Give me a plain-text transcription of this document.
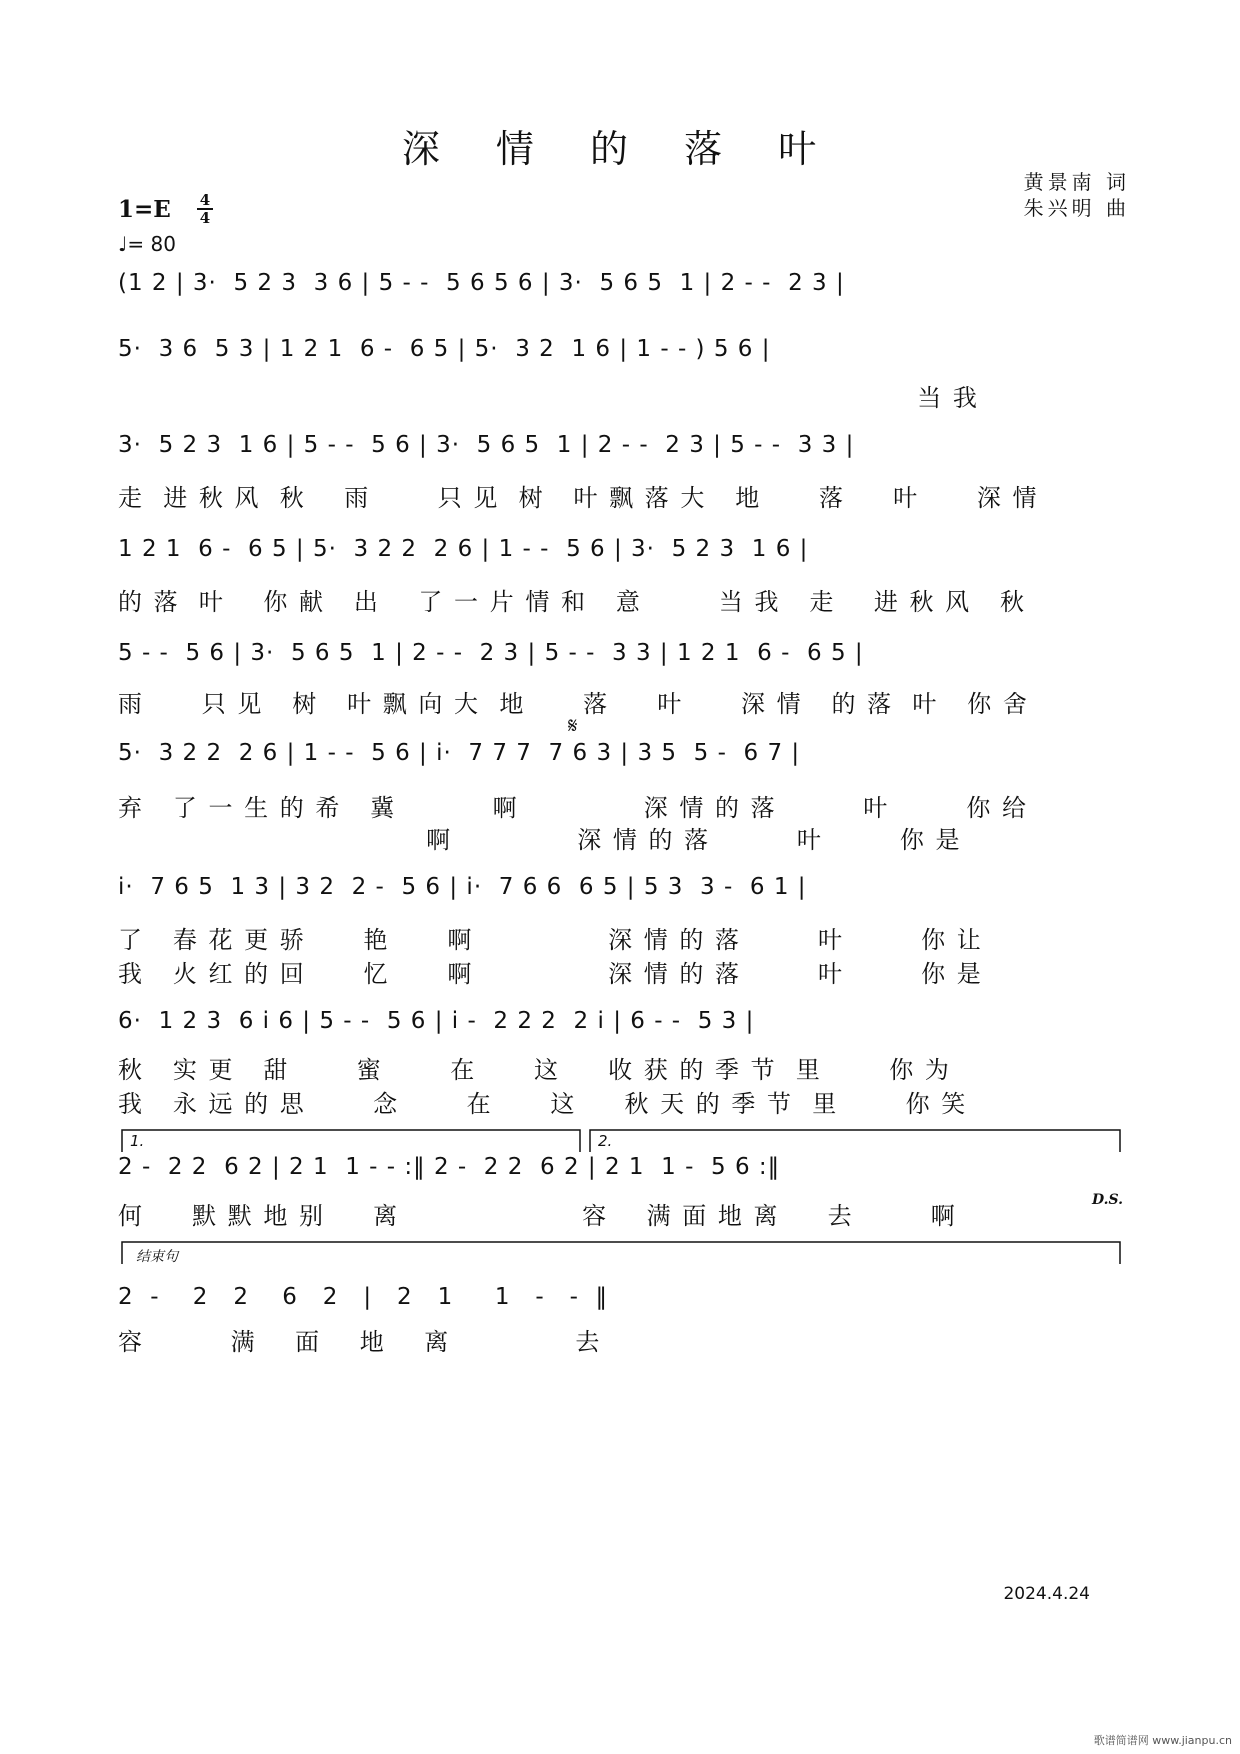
深 情 的 落 叶
黄景南 词
朱兴明 曲
1=E 4
4
♩= 80
(1 2 | 3·  5 2 3  3 6 | 5 - -  5 6 5 6 | 3·  5 6 5  1 | 2 - -  2 3 |
5·  3 6  5 3 | 1 2 1  6 -  6 5 | 5·  3 2  1 6 | 1 - - ) 5 6 |
当 我
3·  5 2 3  1 6 | 5 - -  5 6 | 3·  5 6 5  1 | 2 - -  2 3 | 5 - -  3 3 |
走  进 秋 风  秋    雨       只 见  树   叶 飘 落 大   地      落     叶      深 情
1 2 1  6 -  6 5 | 5·  3 2 2  2 6 | 1 - -  5 6 | 3·  5 2 3  1 6 |
的 落  叶    你 献   出    了 一 片 情 和   意        当 我   走    进 秋 风   秋
5 - -  5 6 | 3·  5 6 5  1 | 2 - -  2 3 | 5 - -  3 3 | 1 2 1  6 -  6 5 |
雨      只 见   树   叶 飘 向 大  地      落     叶      深 情   的 落  叶   你 舍
𝄋
5·  3 2 2  2 6 | 1 - -  5 6 | i·  7 7 7  7 6 3 | 3 5  5 -  6 7 |
弃   了 一 生 的 希   冀          啊             深 情 的 落         叶        你 给
啊             深 情 的 落         叶        你 是
i·  7 6 5  1 3 | 3 2  2 -  5 6 | i·  7 6 6  6 5 | 5 3  3 -  6 1 |
了   春 花 更 骄      艳      啊              深 情 的 落        叶        你 让
我   火 红 的 回      忆      啊              深 情 的 落        叶        你 是
6·  1 2 3  6 i 6 | 5 - -  5 6 | i -  2 2 2  2 i | 6 - -  5 3 |
秋   实 更   甜       蜜       在      这     收 获 的 季 节  里       你 为
我   永 远 的 思       念       在      这     秋 天 的 季 节  里       你 笑
1.	2.
2 -  2 2  6 2 | 2 1  1 - - :‖ 2 -  2 2  6 2 | 2 1  1 -  5 6 :‖
何     默 默 地 别     离                   容    满 面 地 离     去        啊
D.S.
结束句
2  -    2   2    6   2   |   2   1     1   -   -  ‖
容         满    面    地    离             去
2024.4.24
歌谱简谱网 www.jianpu.cn
